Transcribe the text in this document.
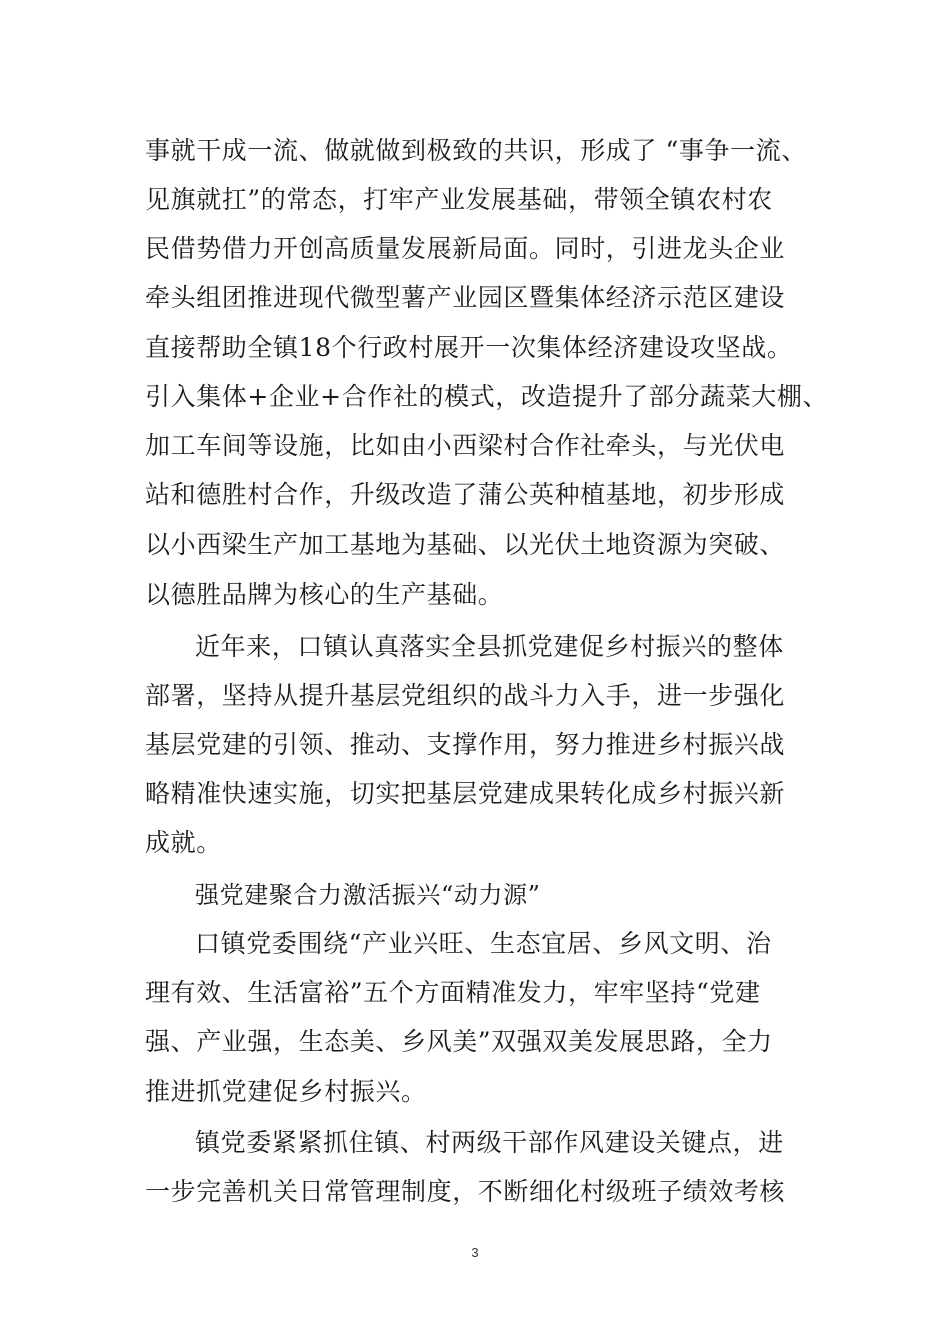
事就干成一流、做就做到极致的共识，形成了 “事争一流、
见旗就扛”的常态，打牢产业发展基础，带领全镇农村农
民借势借力开创高质量发展新局面。同时，引进龙头企业
牵头组团推进现代微型薯产业园区暨集体经济示范区建设
直接帮助全镇18个行政村展开一次集体经济建设攻坚战。
引入集体+企业+合作社的模式，改造提升了部分蔬菜大棚、
加工车间等设施，比如由小西梁村合作社牵头，与光伏电
站和德胜村合作，升级改造了蒲公英种植基地，初步形成
以小西梁生产加工基地为基础、以光伏土地资源为突破、
以德胜品牌为核心的生产基础。
近年来，口镇认真落实全县抓党建促乡村振兴的整体
部署，坚持从提升基层党组织的战斗力入手，进一步强化
基层党建的引领、推动、支撑作用，努力推进乡村振兴战
略精准快速实施，切实把基层党建成果转化成乡村振兴新
成就。
强党建聚合力激活振兴“动力源”
口镇党委围绕“产业兴旺、生态宜居、乡风文明、治
理有效、生活富裕”五个方面精准发力，牢牢坚持“党建
强、产业强，生态美、乡风美”双强双美发展思路，全力
推进抓党建促乡村振兴。
镇党委紧紧抓住镇、村两级干部作风建设关键点，进
一步完善机关日常管理制度，不断细化村级班子绩效考核
3
